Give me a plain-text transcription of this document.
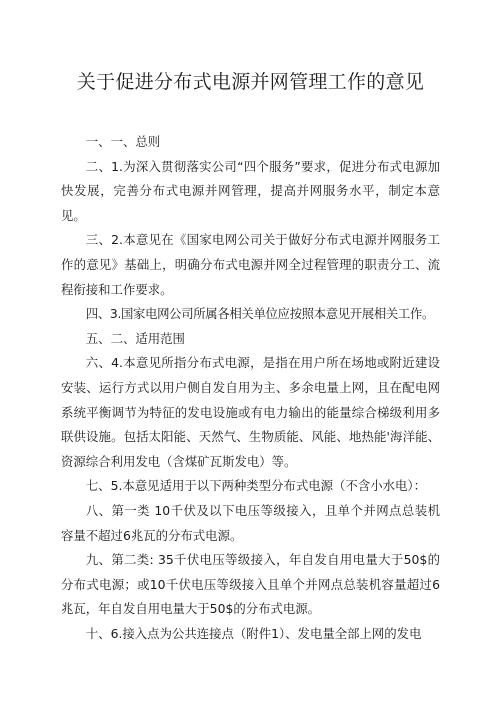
关于促进分布式电源并网管理工作的意见

一、一、总则

二、1.为深入贯彻落实公司“四个服务”要求，促进分布式电源加快发展，完善分布式电源并网管理，提高并网服务水平，制定本意见。

三、2.本意见在《国家电网公司关于做好分布式电源并网服务工作的意见》基础上，明确分布式电源并网全过程管理的职责分工、流程衔接和工作要求。

四、3.国家电网公司所属各相关单位应按照本意见开展相关工作。

五、二、适用范围

六、4.本意见所指分布式电源，是指在用户所在场地或附近建设安装、运行方式以用户侧自发自用为主、多余电量上网，且在配电网系统平衡调节为特征的发电设施或有电力输出的能量综合梯级利用多联供设施。包括太阳能、天然气、生物质能、风能、地热能'海洋能、资源综合利用发电（含煤矿瓦斯发电）等。

七、5.本意见适用于以下两种类型分布式电源（不含小水电）：

八、第一类 10千伏及以下电压等级接入，且单个并网点总装机容量不超过6兆瓦的分布式电源。

九、第二类: 35千伏电压等级接入，年自发自用电量大于50$的分布式电源；或10千伏电压等级接入且单个并网点总装机容量超过6兆瓦，年自发自用电量大于50$的分布式电源。

十、6.接入点为公共连接点（附件1）、发电量全部上网的发电
